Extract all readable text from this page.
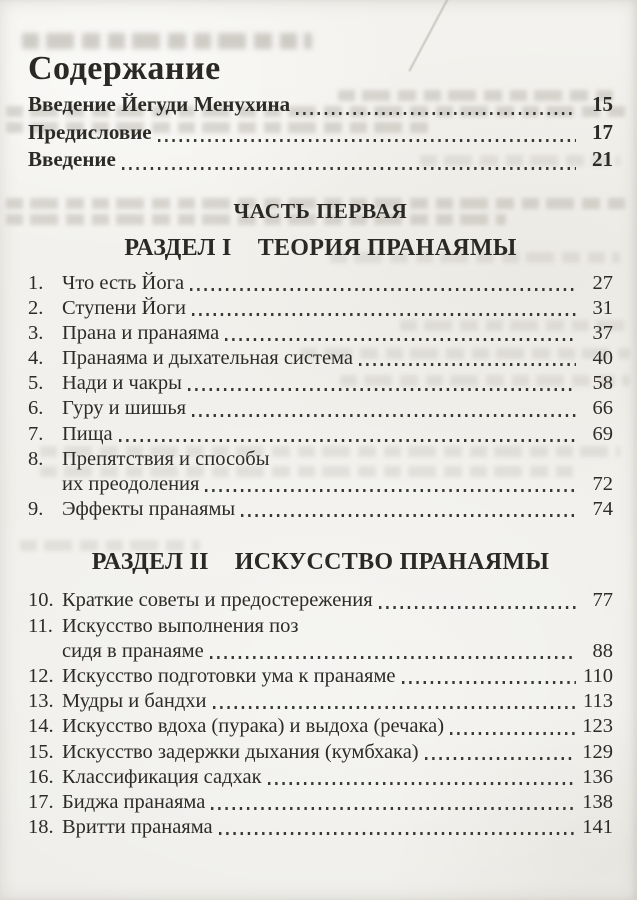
Содержание
Введение Йегуди Менухина	15
Предисловие	17
Введение	21
ЧАСТЬ ПЕРВАЯ
РАЗДЕЛ I ТЕОРИЯ ПРАНАЯМЫ
1. Что есть Йога	27
2. Ступени Йоги	31
3. Прана и пранаяма	37
4. Пранаяма и дыхательная система	40
5. Нади и чакры	58
6. Гуру и шишья	66
7. Пища	69
8. Препятствия и способы
их преодоления	72
9. Эффекты пранаямы	74
РАЗДЕЛ II ИСКУССТВО ПРАНАЯМЫ
10. Краткие советы и предостережения	77
11. Искусство выполнения поз
сидя в пранаяме	88
12. Искусство подготовки ума к пранаяме	110
13. Мудры и бандхи	113
14. Искусство вдоха (пурака) и выдоха (речака)	123
15. Искусство задержки дыхания (кумбхака)	129
16. Классификация садхак	136
17. Биджа пранаяма	138
18. Вритти пранаяма	141
